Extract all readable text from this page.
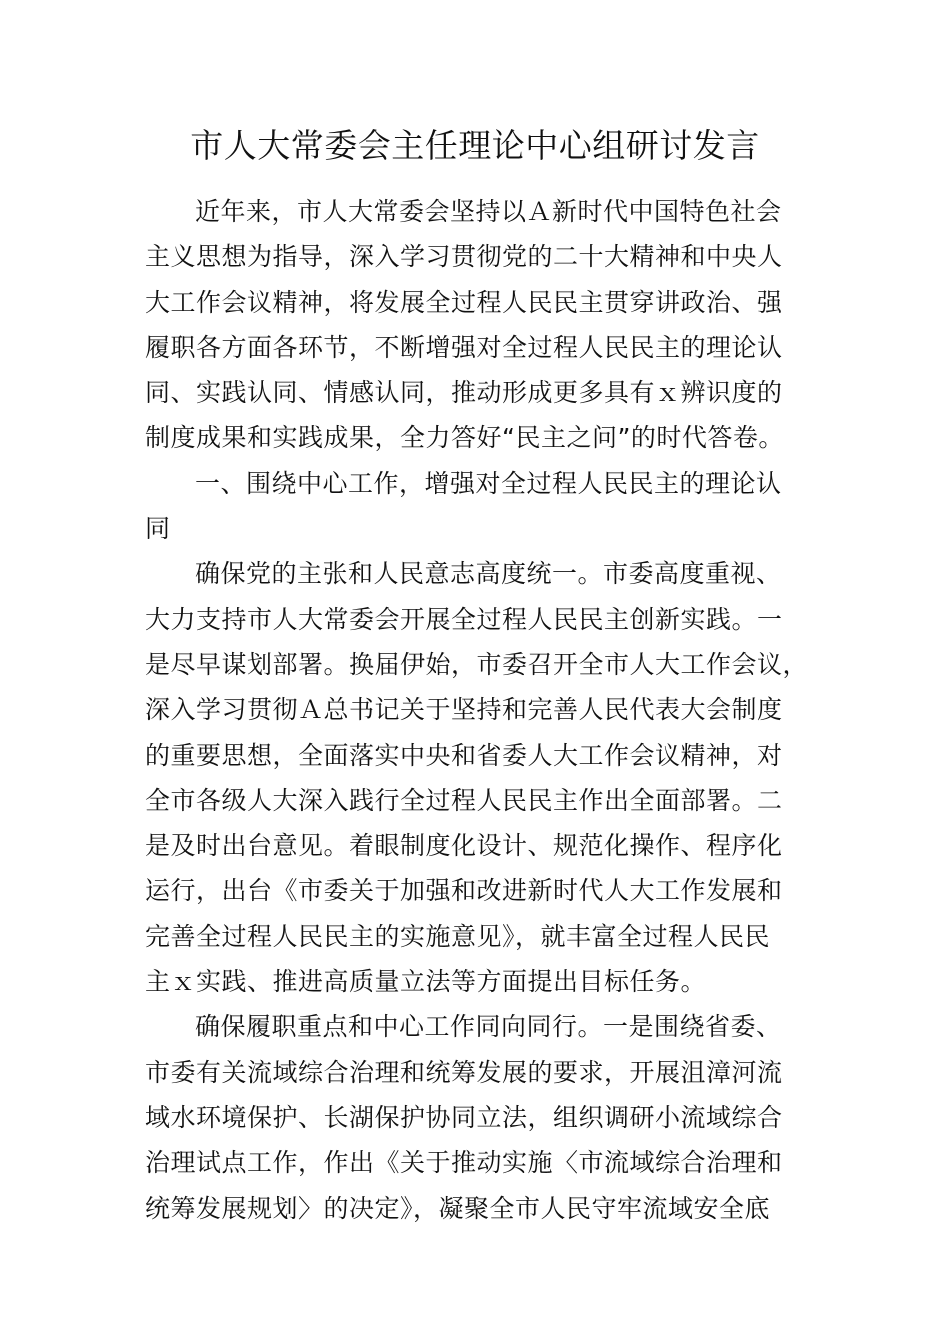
市人大常委会主任理论中心组研讨发言

近年来，市人大常委会坚持以Ａ新时代中国特色社会
主义思想为指导，深入学习贯彻党的二十大精神和中央人
大工作会议精神，将发展全过程人民民主贯穿讲政治、强
履职各方面各环节，不断增强对全过程人民民主的理论认
同、实践认同、情感认同，推动形成更多具有ｘ辨识度的
制度成果和实践成果，全力答好“民主之问”的时代答卷。

一、围绕中心工作，增强对全过程人民民主的理论认
同

确保党的主张和人民意志高度统一。市委高度重视、
大力支持市人大常委会开展全过程人民民主创新实践。一
是尽早谋划部署。换届伊始，市委召开全市人大工作会议，
深入学习贯彻Ａ总书记关于坚持和完善人民代表大会制度
的重要思想，全面落实中央和省委人大工作会议精神，对
全市各级人大深入践行全过程人民民主作出全面部署。二
是及时出台意见。着眼制度化设计、规范化操作、程序化
运行，出台《市委关于加强和改进新时代人大工作发展和
完善全过程人民民主的实施意见》，就丰富全过程人民民
主ｘ实践、推进高质量立法等方面提出目标任务。

确保履职重点和中心工作同向同行。一是围绕省委、
市委有关流域综合治理和统筹发展的要求，开展沮漳河流
域水环境保护、长湖保护协同立法，组织调研小流域综合
治理试点工作，作出《关于推动实施〈市流域综合治理和
统筹发展规划〉的决定》，凝聚全市人民守牢流域安全底
